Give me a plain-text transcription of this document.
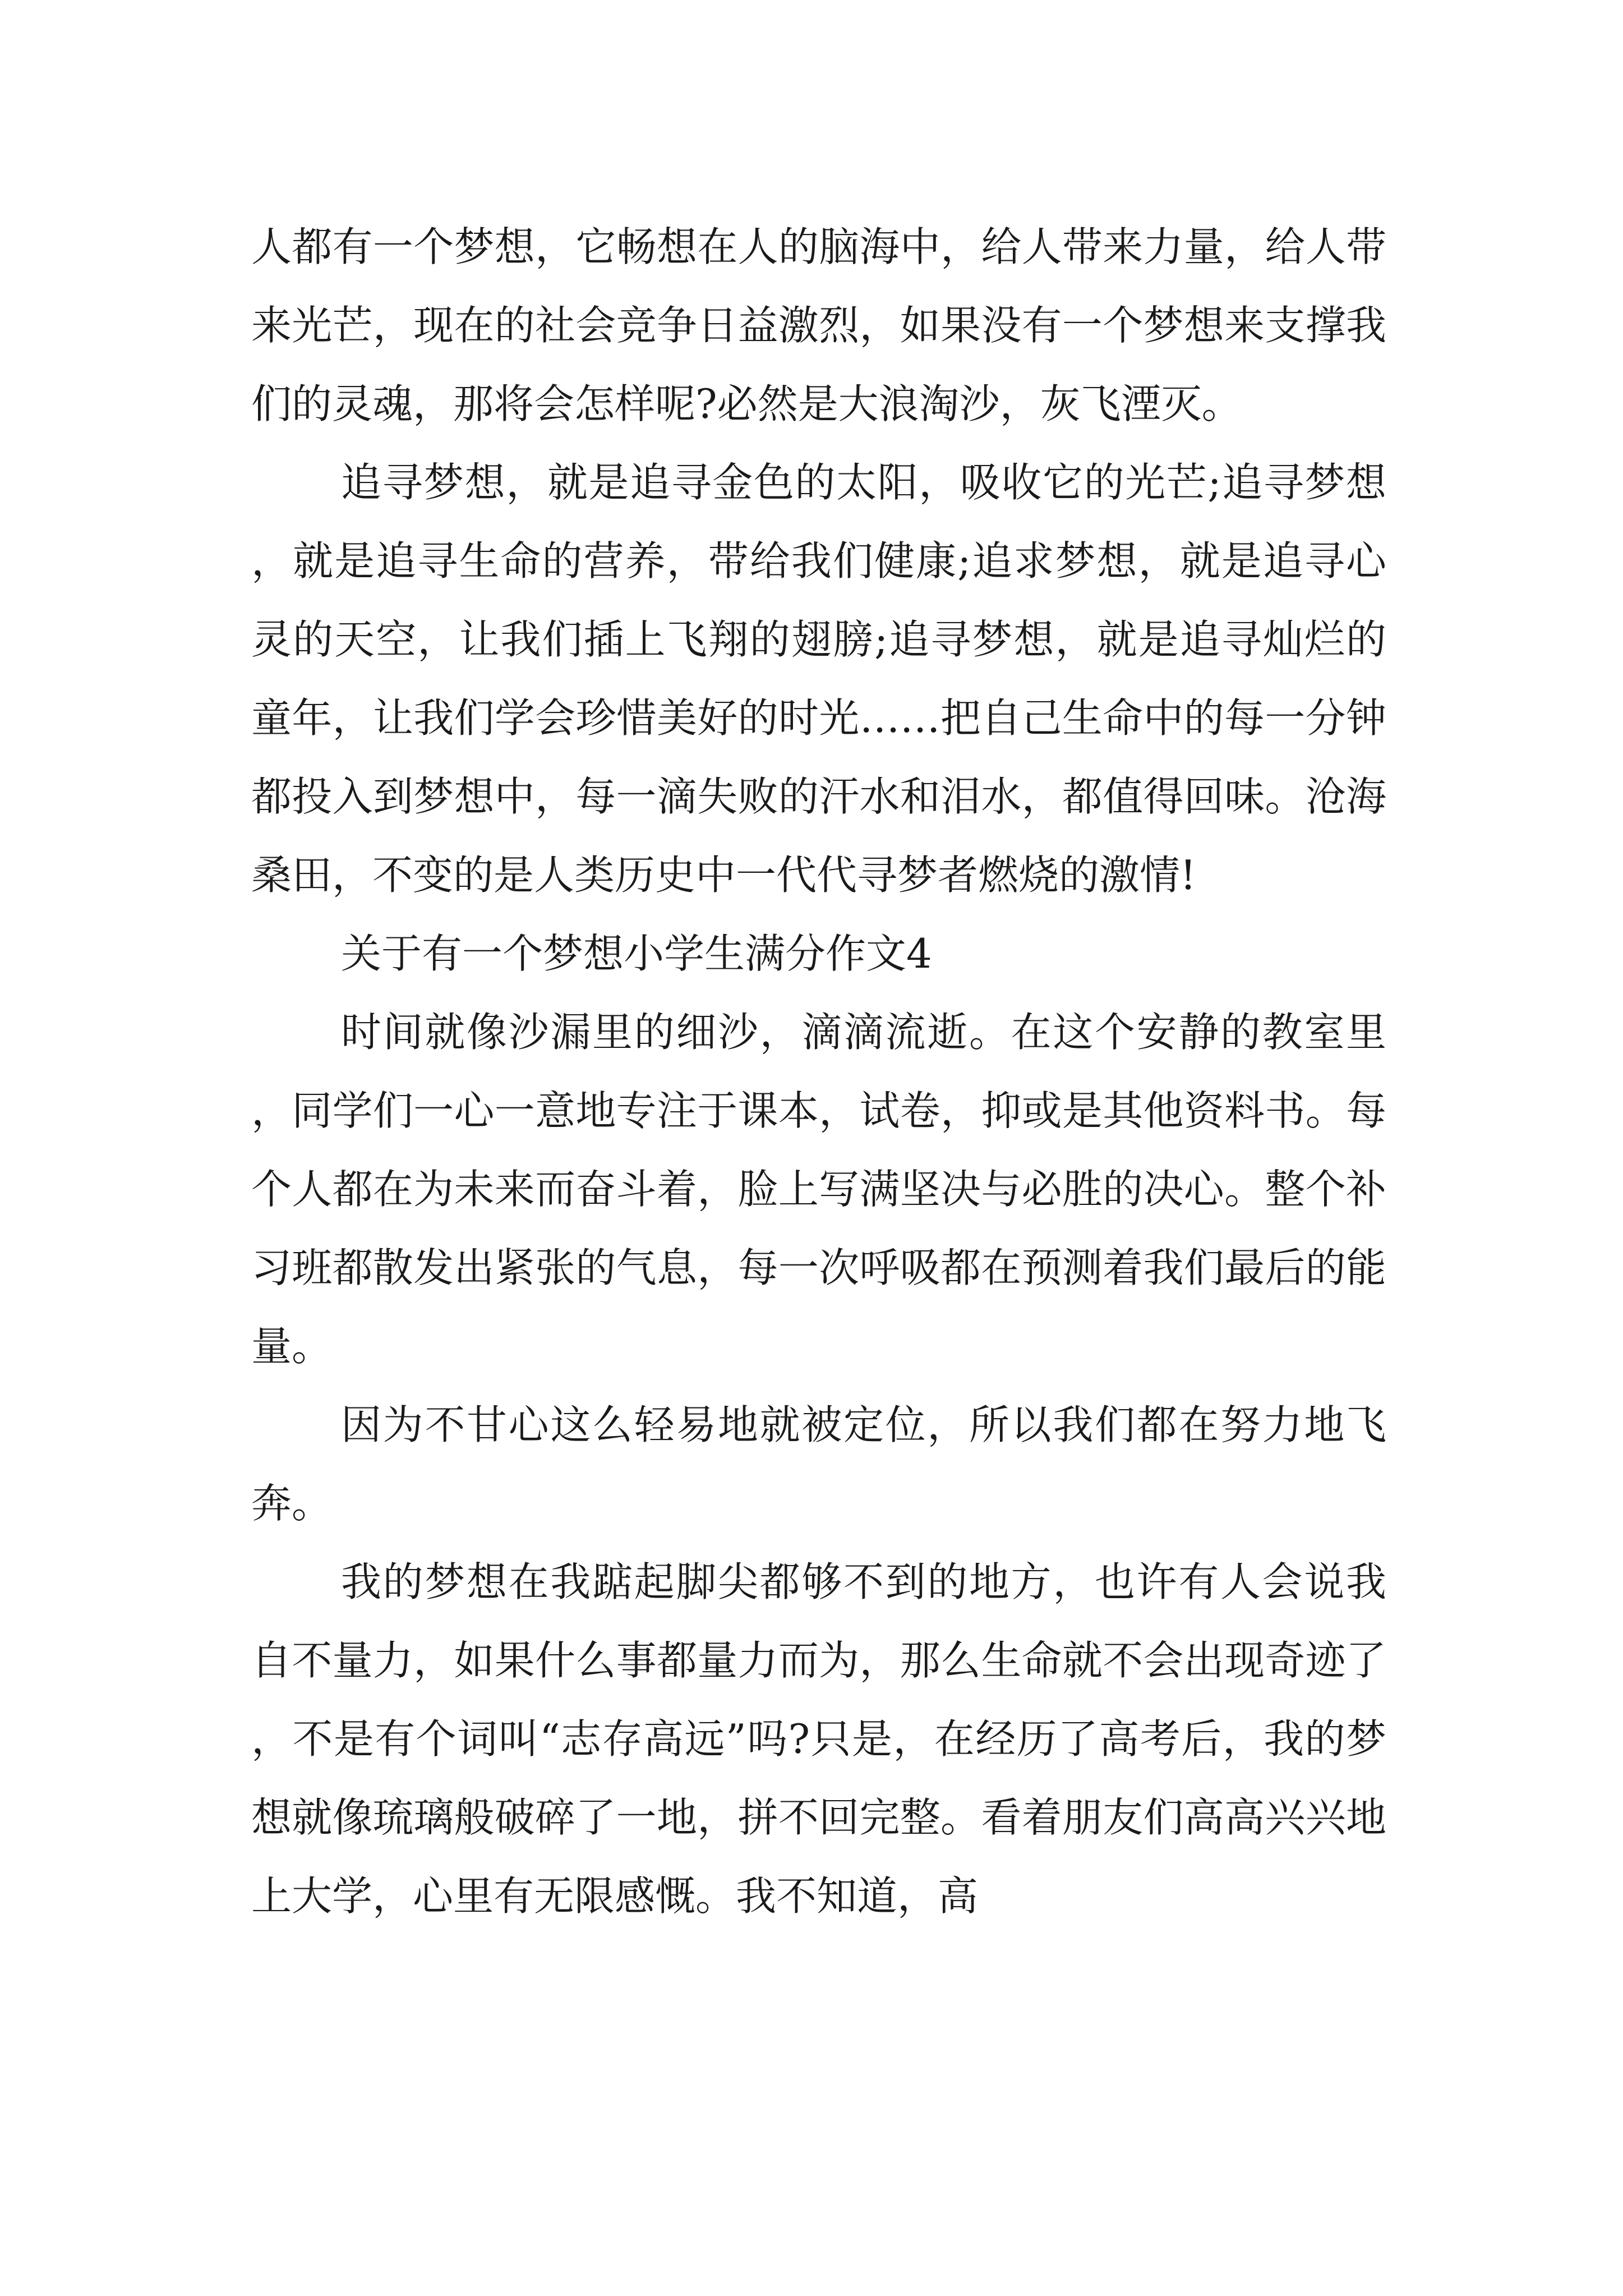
人都有一个梦想，它畅想在人的脑海中，给人带来力量，给人带来光芒，现在的社会竞争日益激烈，如果没有一个梦想来支撑我们的灵魂，那将会怎样呢?必然是大浪淘沙，灰飞湮灭。

追寻梦想，就是追寻金色的太阳，吸收它的光芒;追寻梦想，就是追寻生命的营养，带给我们健康;追求梦想，就是追寻心灵的天空，让我们插上飞翔的翅膀;追寻梦想，就是追寻灿烂的童年，让我们学会珍惜美好的时光……把自己生命中的每一分钟都投入到梦想中，每一滴失败的汗水和泪水，都值得回味。沧海桑田，不变的是人类历史中一代代寻梦者燃烧的激情!

关于有一个梦想小学生满分作文4

时间就像沙漏里的细沙，滴滴流逝。在这个安静的教室里，同学们一心一意地专注于课本，试卷，抑或是其他资料书。每个人都在为未来而奋斗着，脸上写满坚决与必胜的决心。整个补习班都散发出紧张的气息，每一次呼吸都在预测着我们最后的能量。

因为不甘心这么轻易地就被定位，所以我们都在努力地飞奔。

我的梦想在我踮起脚尖都够不到的地方，也许有人会说我自不量力，如果什么事都量力而为，那么生命就不会出现奇迹了，不是有个词叫“志存高远”吗?只是，在经历了高考后，我的梦想就像琉璃般破碎了一地，拼不回完整。看着朋友们高高兴兴地上大学，心里有无限感慨。我不知道，高
